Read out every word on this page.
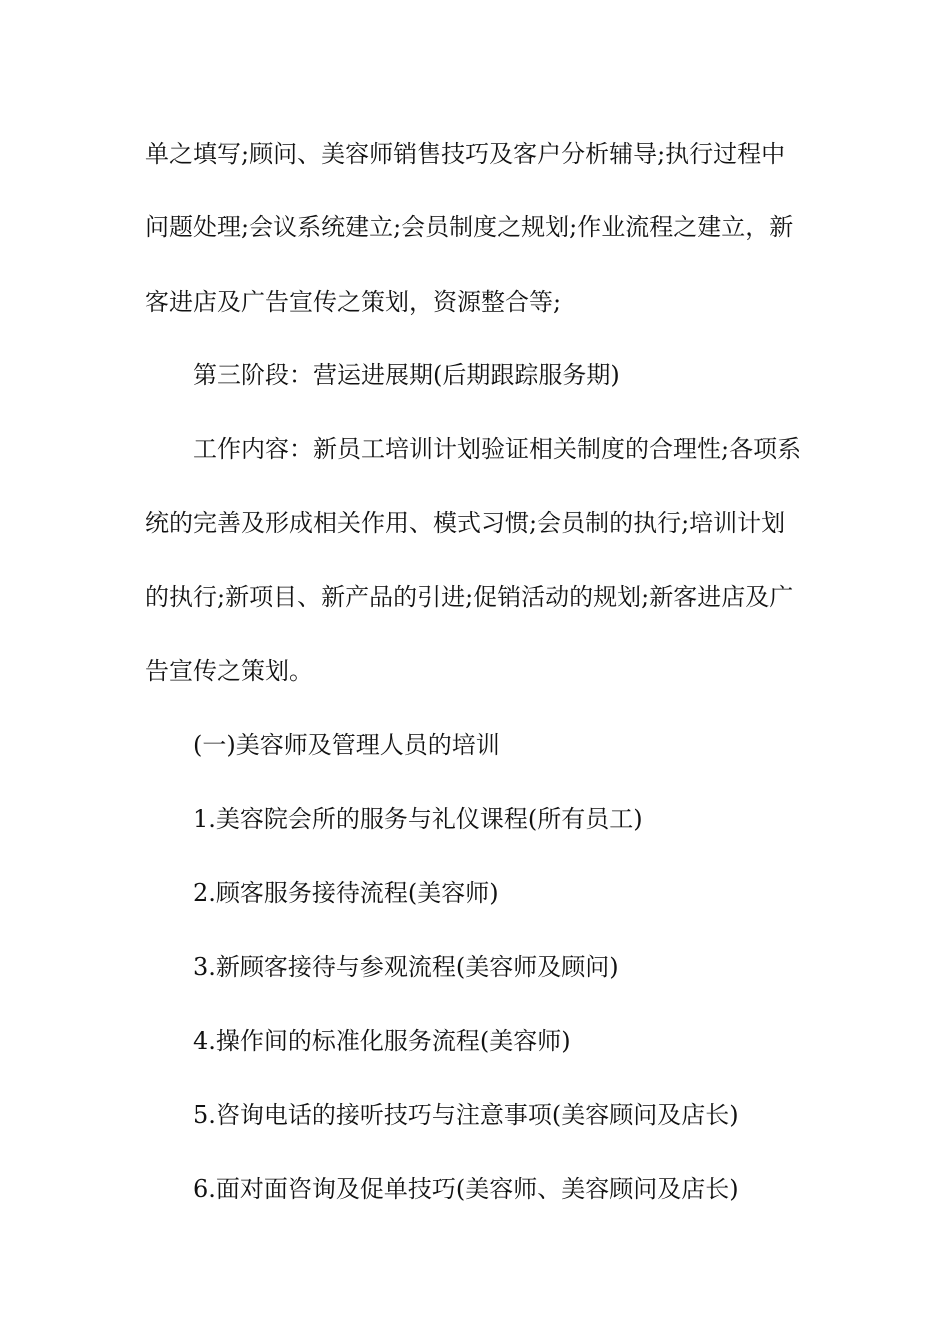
单之填写;顾问、美容师销售技巧及客户分析辅导;执行过程中
问题处理;会议系统建立;会员制度之规划;作业流程之建立，新
客进店及广告宣传之策划，资源整合等;
第三阶段：营运进展期(后期跟踪服务期)
工作内容：新员工培训计划验证相关制度的合理性;各项系
统的完善及形成相关作用、模式习惯;会员制的执行;培训计划
的执行;新项目、新产品的引进;促销活动的规划;新客进店及广
告宣传之策划。
(一)美容师及管理人员的培训
1.美容院会所的服务与礼仪课程(所有员工)
2.顾客服务接待流程(美容师)
3.新顾客接待与参观流程(美容师及顾问)
4.操作间的标准化服务流程(美容师)
5.咨询电话的接听技巧与注意事项(美容顾问及店长)
6.面对面咨询及促单技巧(美容师、美容顾问及店长)
